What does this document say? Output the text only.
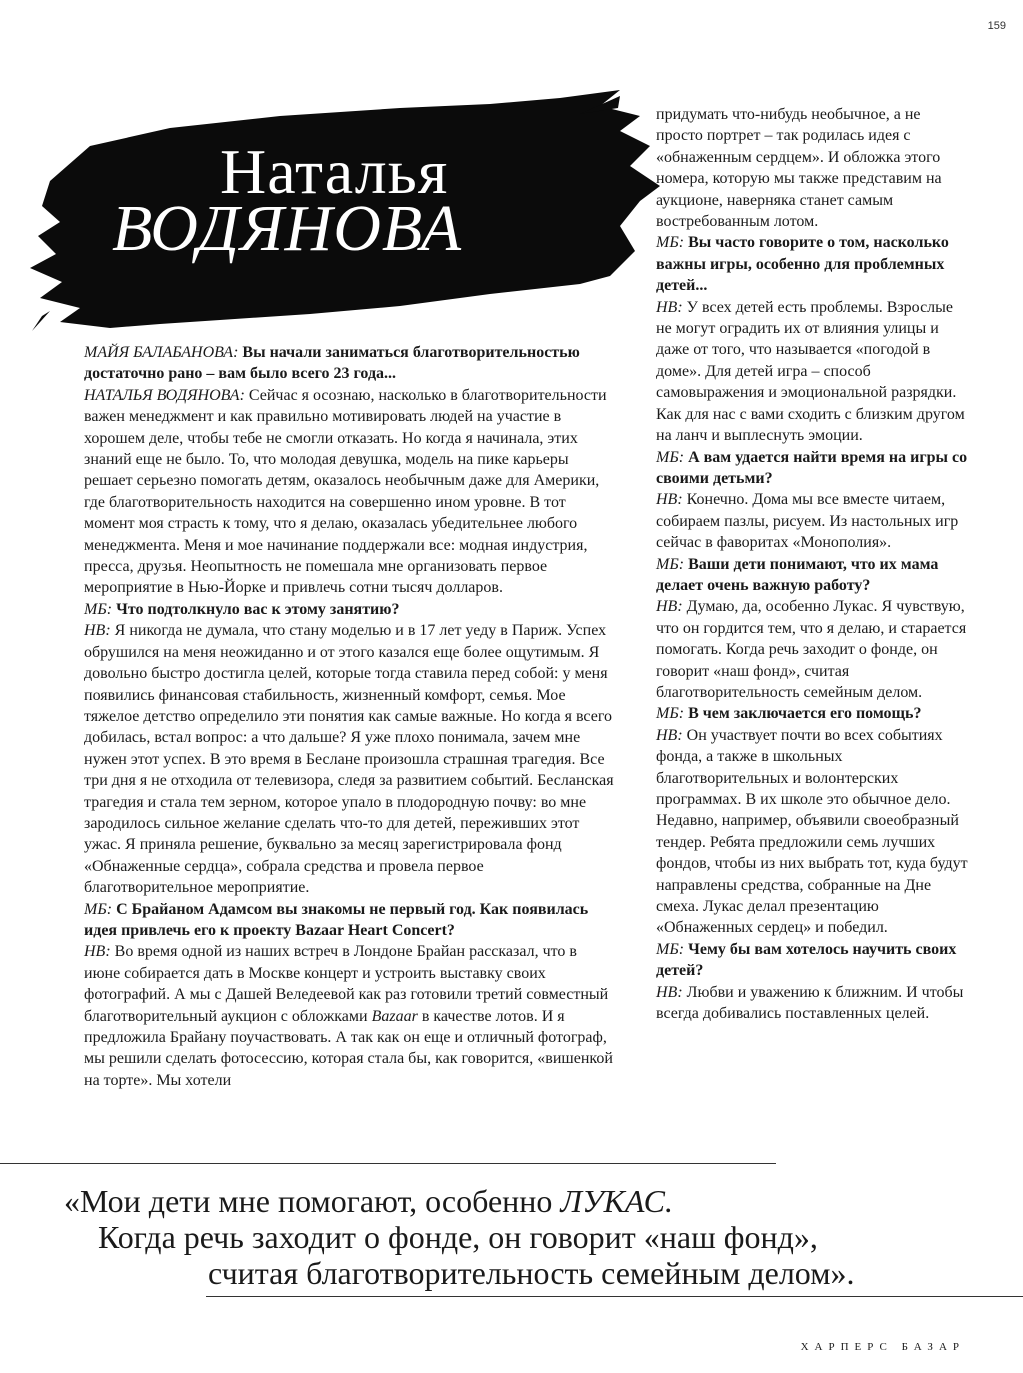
159
Наталья
ВОДЯНОВА

МАЙЯ БАЛАБАНОВА: Вы начали заниматься благотворительностью достаточно рано – вам было всего 23 года...

НАТАЛЬЯ ВОДЯНОВА: Сейчас я осознаю, насколько в благотворительности важен менеджмент и как правильно мотивировать людей на участие в хорошем деле, чтобы тебе не смогли отказать. Но когда я начинала, этих знаний еще не было. То, что молодая девушка, модель на пике карьеры решает серьезно помогать детям, оказалось необычным даже для Америки, где благотворительность находится на совершенно ином уровне. В тот момент моя страсть к тому, что я делаю, оказалась убедительнее любого менеджмента. Меня и мое начинание поддержали все: модная индустрия, пресса, друзья. Неопытность не помешала мне организовать первое мероприятие в Нью-Йорке и привлечь сотни тысяч долларов.

МБ: Что подтолкнуло вас к этому занятию?

НВ: Я никогда не думала, что стану моделью и в 17 лет уеду в Париж. Успех обрушился на меня неожиданно и от этого казался еще более ощутимым. Я довольно быстро достигла целей, которые тогда ставила перед собой: у меня появились финансовая стабильность, жизненный комфорт, семья. Мое тяжелое детство определило эти понятия как самые важные. Но когда я всего добилась, встал вопрос: а что дальше? Я уже плохо понимала, зачем мне нужен этот успех. В это время в Беслане произошла страшная трагедия. Все три дня я не отходила от телевизора, следя за развитием событий. Бесланская трагедия и стала тем зерном, которое упало в плодородную почву: во мне зародилось сильное желание сделать что-то для детей, переживших этот ужас. Я приняла решение, буквально за месяц зарегистрировала фонд «Обнаженные сердца», собрала средства и провела первое благотворительное мероприятие.

МБ: С Брайаном Адамсом вы знакомы не первый год. Как появилась идея привлечь его к проекту Bazaar Heart Concert?

НВ: Во время одной из наших встреч в Лондоне Брайан рассказал, что в июне собирается дать в Москве концерт и устроить выставку своих фотографий. А мы с Дашей Веледеевой как раз готовили третий совместный благотворительный аукцион с обложками Bazaar в качестве лотов. И я предложила Брайану поучаствовать. А так как он еще и отличный фотограф, мы решили сделать фотосессию, которая стала бы, как говорится, «вишенкой на торте». Мы хотели

придумать что-нибудь необычное, а не просто портрет – так родилась идея с «обнаженным сердцем». И обложка этого номера, которую мы также представим на аукционе, наверняка станет самым востребованным лотом.

МБ: Вы часто говорите о том, насколько важны игры, особенно для проблемных детей...

НВ: У всех детей есть проблемы. Взрослые не могут оградить их от влияния улицы и даже от того, что называется «погодой в доме». Для детей игра – способ самовыражения и эмоциональной разрядки. Как для нас с вами сходить с близким другом на ланч и выплеснуть эмоции.

МБ: А вам удается найти время на игры со своими детьми?

НВ: Конечно. Дома мы все вместе читаем, собираем пазлы, рисуем. Из настольных игр сейчас в фаворитах «Монополия».

МБ: Ваши дети понимают, что их мама делает очень важную работу?

НВ: Думаю, да, особенно Лукас. Я чувствую, что он гордится тем, что я делаю, и старается помогать. Когда речь заходит о фонде, он говорит «наш фонд», считая благотворительность семейным делом.

МБ: В чем заключается его помощь?

НВ: Он участвует почти во всех событиях фонда, а также в школьных благотворительных и волонтерских программах. В их школе это обычное дело. Недавно, например, объявили своеобразный тендер. Ребята предложили семь лучших фондов, чтобы из них выбрать тот, куда будут направлены средства, собранные на Дне смеха. Лукас делал презентацию «Обнаженных сердец» и победил.

МБ: Чему бы вам хотелось научить своих детей?

НВ: Любви и уважению к ближним. И чтобы всегда добивались поставленных целей.

«Мои дети мне помогают, особенно ЛУКАС.
Когда речь заходит о фонде, он говорит «наш фонд»,
считая благотворительность семейным делом».
ХАРПЕРС БАЗАР
